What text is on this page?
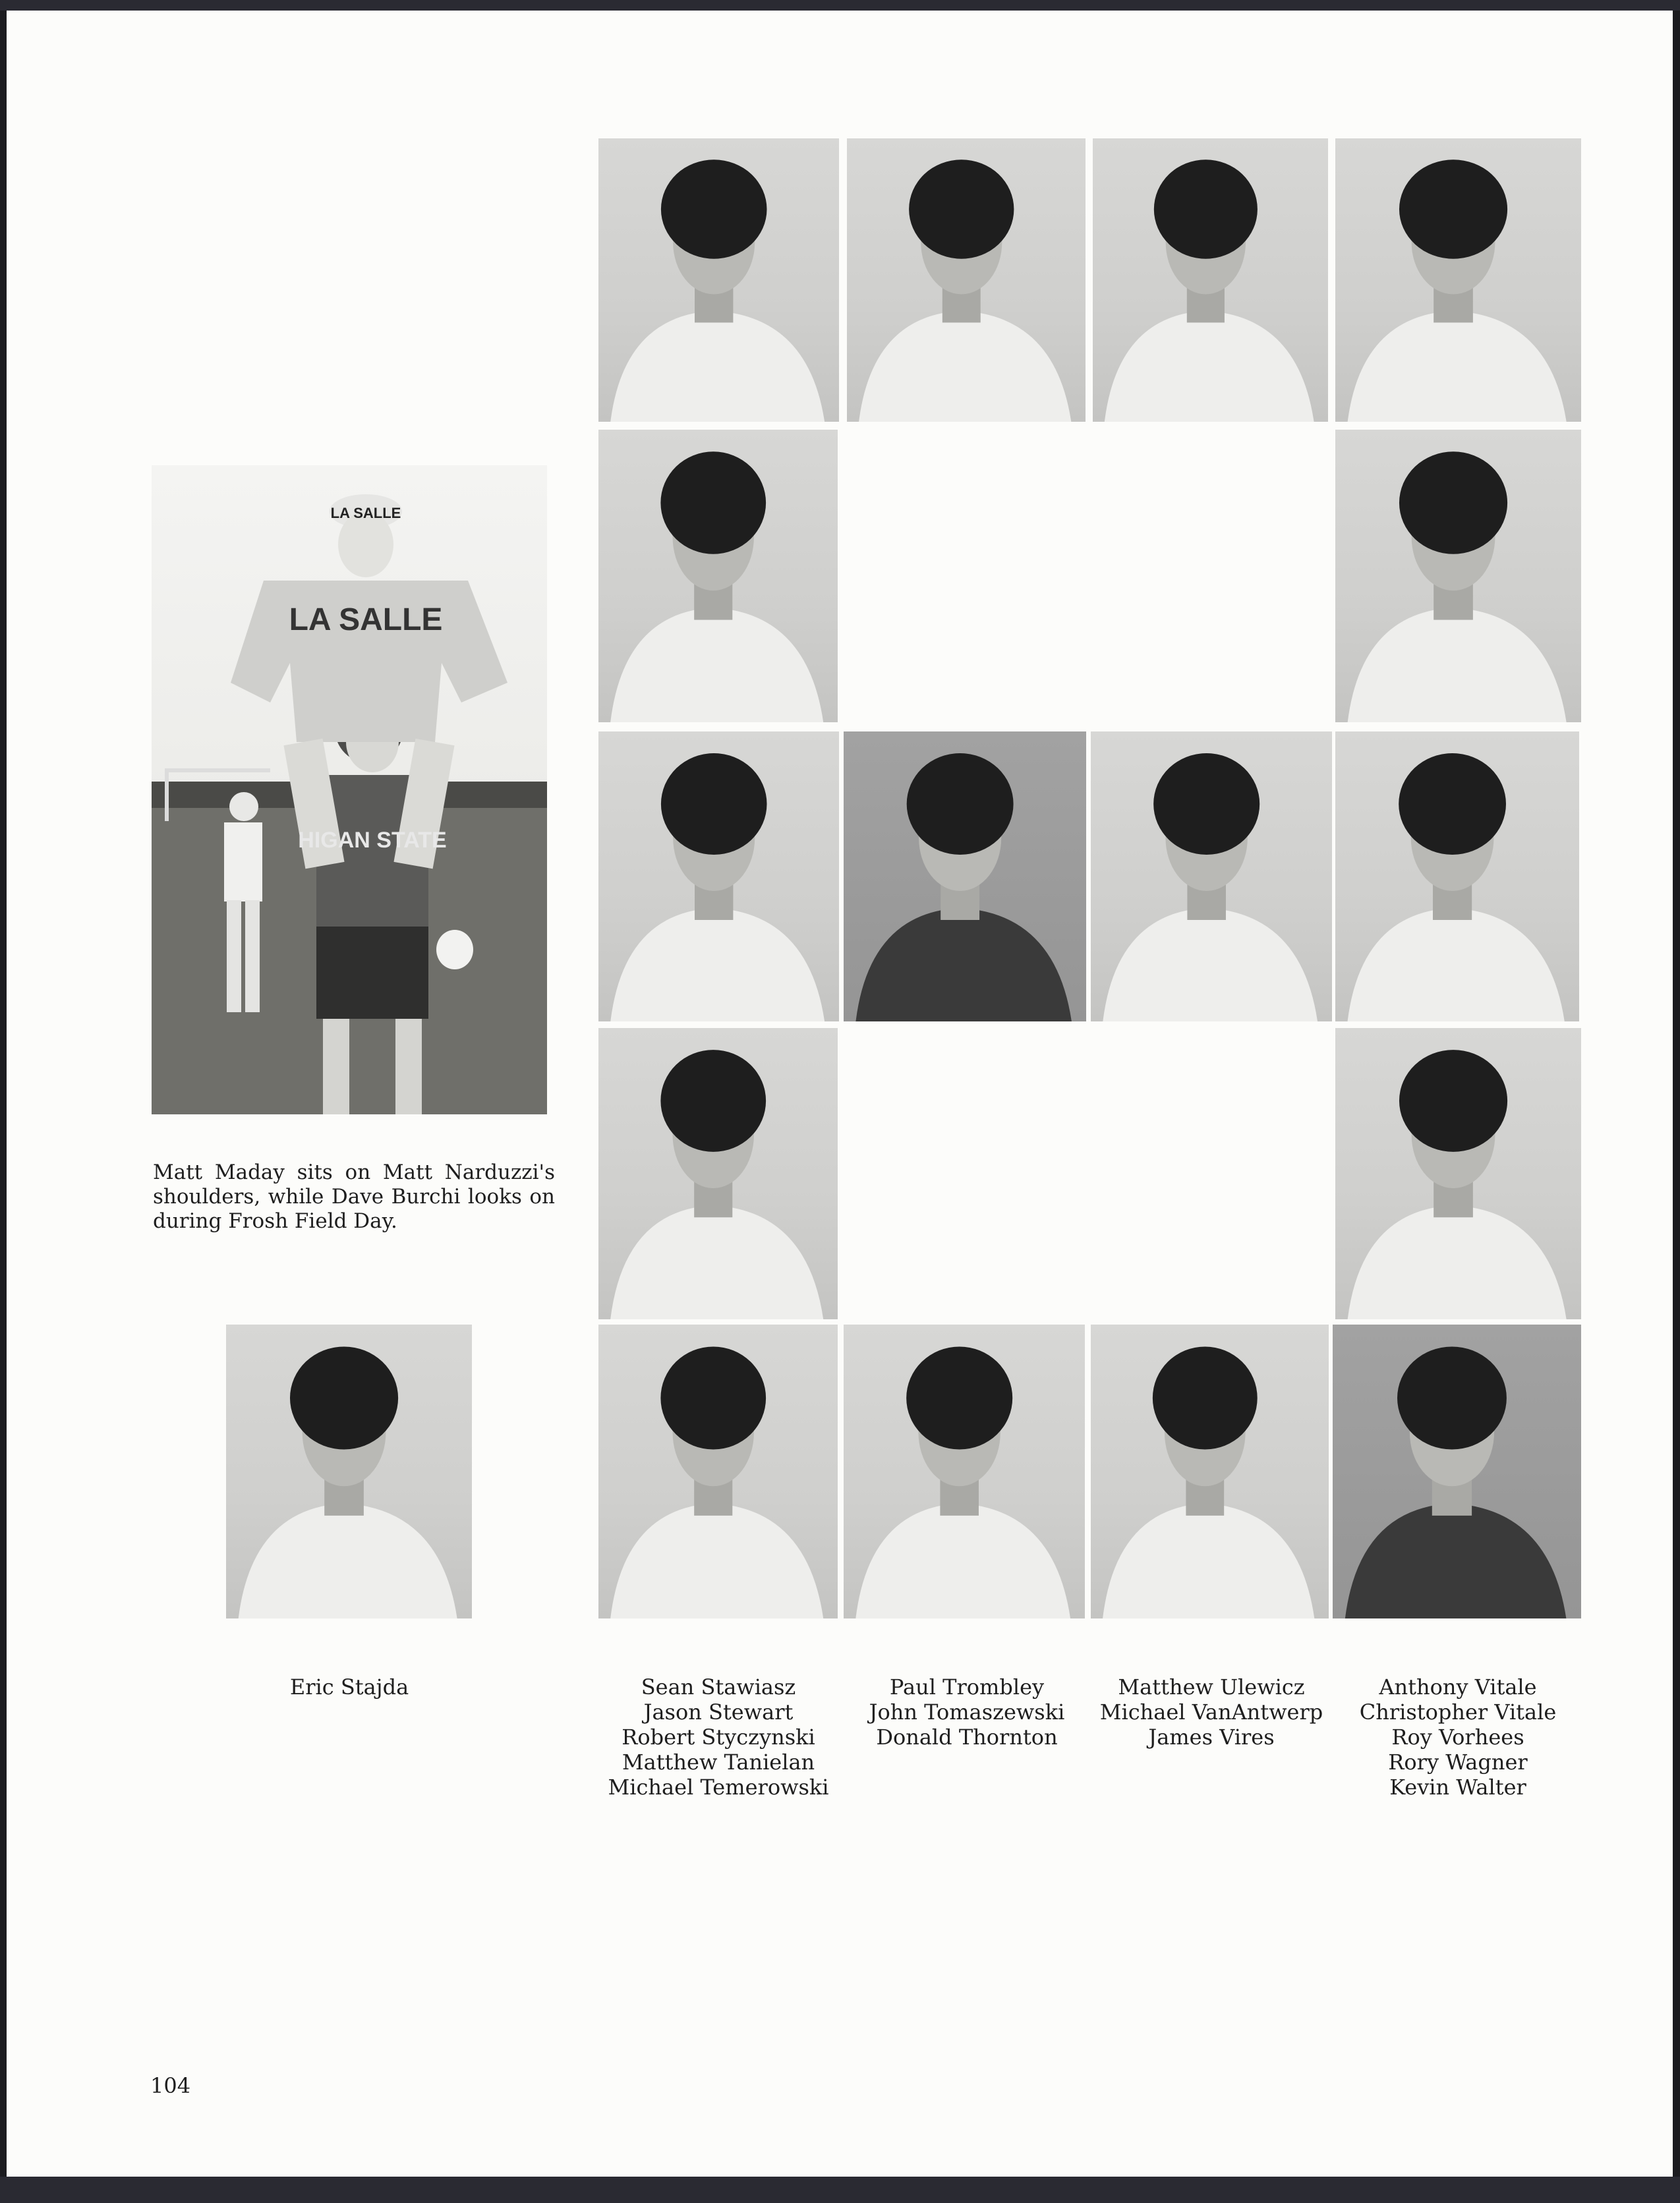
LA SALLE
LA SALLE
HIGAN STATE
Matt Maday sits on Matt Narduzzi's shoulders, while Dave Burchi looks on during Frosh Field Day.
Eric Stajda	Sean Stawiasz
Jason Stewart
Robert Styczynski
Matthew Tanielan
Michael Temerowski
Paul Trombley
John Tomaszewski
Donald Thornton
Matthew Ulewicz
Michael VanAntwerp
James Vires
Anthony Vitale
Christopher Vitale
Roy Vorhees
Rory Wagner
Kevin Walter
104
